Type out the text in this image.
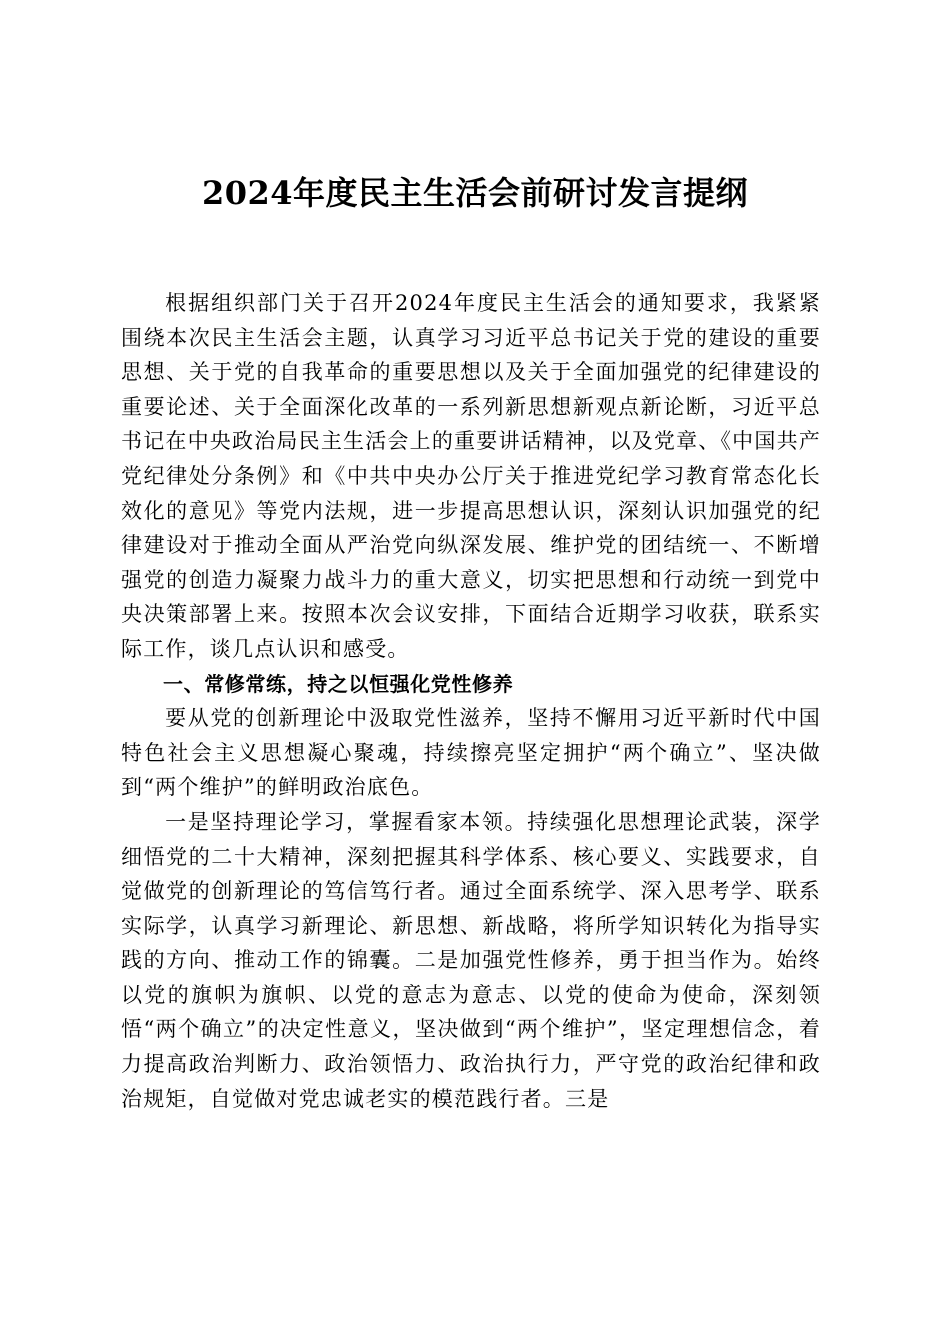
2024年度民主生活会前研讨发言提纲

根据组织部门关于召开2024年度民主生活会的通知要求，我紧紧围绕本次民主生活会主题，认真学习习近平总书记关于党的建设的重要思想、关于党的自我革命的重要思想以及关于全面加强党的纪律建设的重要论述、关于全面深化改革的一系列新思想新观点新论断，习近平总书记在中央政治局民主生活会上的重要讲话精神，以及党章、《中国共产党纪律处分条例》和《中共中央办公厅关于推进党纪学习教育常态化长效化的意见》等党内法规，进一步提高思想认识，深刻认识加强党的纪律建设对于推动全面从严治党向纵深发展、维护党的团结统一、不断增强党的创造力凝聚力战斗力的重大意义，切实把思想和行动统一到党中央决策部署上来。按照本次会议安排，下面结合近期学习收获，联系实际工作，谈几点认识和感受。

一、常修常练，持之以恒强化党性修养

要从党的创新理论中汲取党性滋养，坚持不懈用习近平新时代中国特色社会主义思想凝心聚魂，持续擦亮坚定拥护“两个确立”、坚决做到“两个维护”的鲜明政治底色。

一是坚持理论学习，掌握看家本领。持续强化思想理论武装，深学细悟党的二十大精神，深刻把握其科学体系、核心要义、实践要求，自觉做党的创新理论的笃信笃行者。通过全面系统学、深入思考学、联系实际学，认真学习新理论、新思想、新战略，将所学知识转化为指导实践的方向、推动工作的锦囊。二是加强党性修养，勇于担当作为。始终以党的旗帜为旗帜、以党的意志为意志、以党的使命为使命，深刻领悟“两个确立”的决定性意义，坚决做到“两个维护”，坚定理想信念，着力提高政治判断力、政治领悟力、政治执行力，严守党的政治纪律和政治规矩，自觉做对党忠诚老实的模范践行者。三是
